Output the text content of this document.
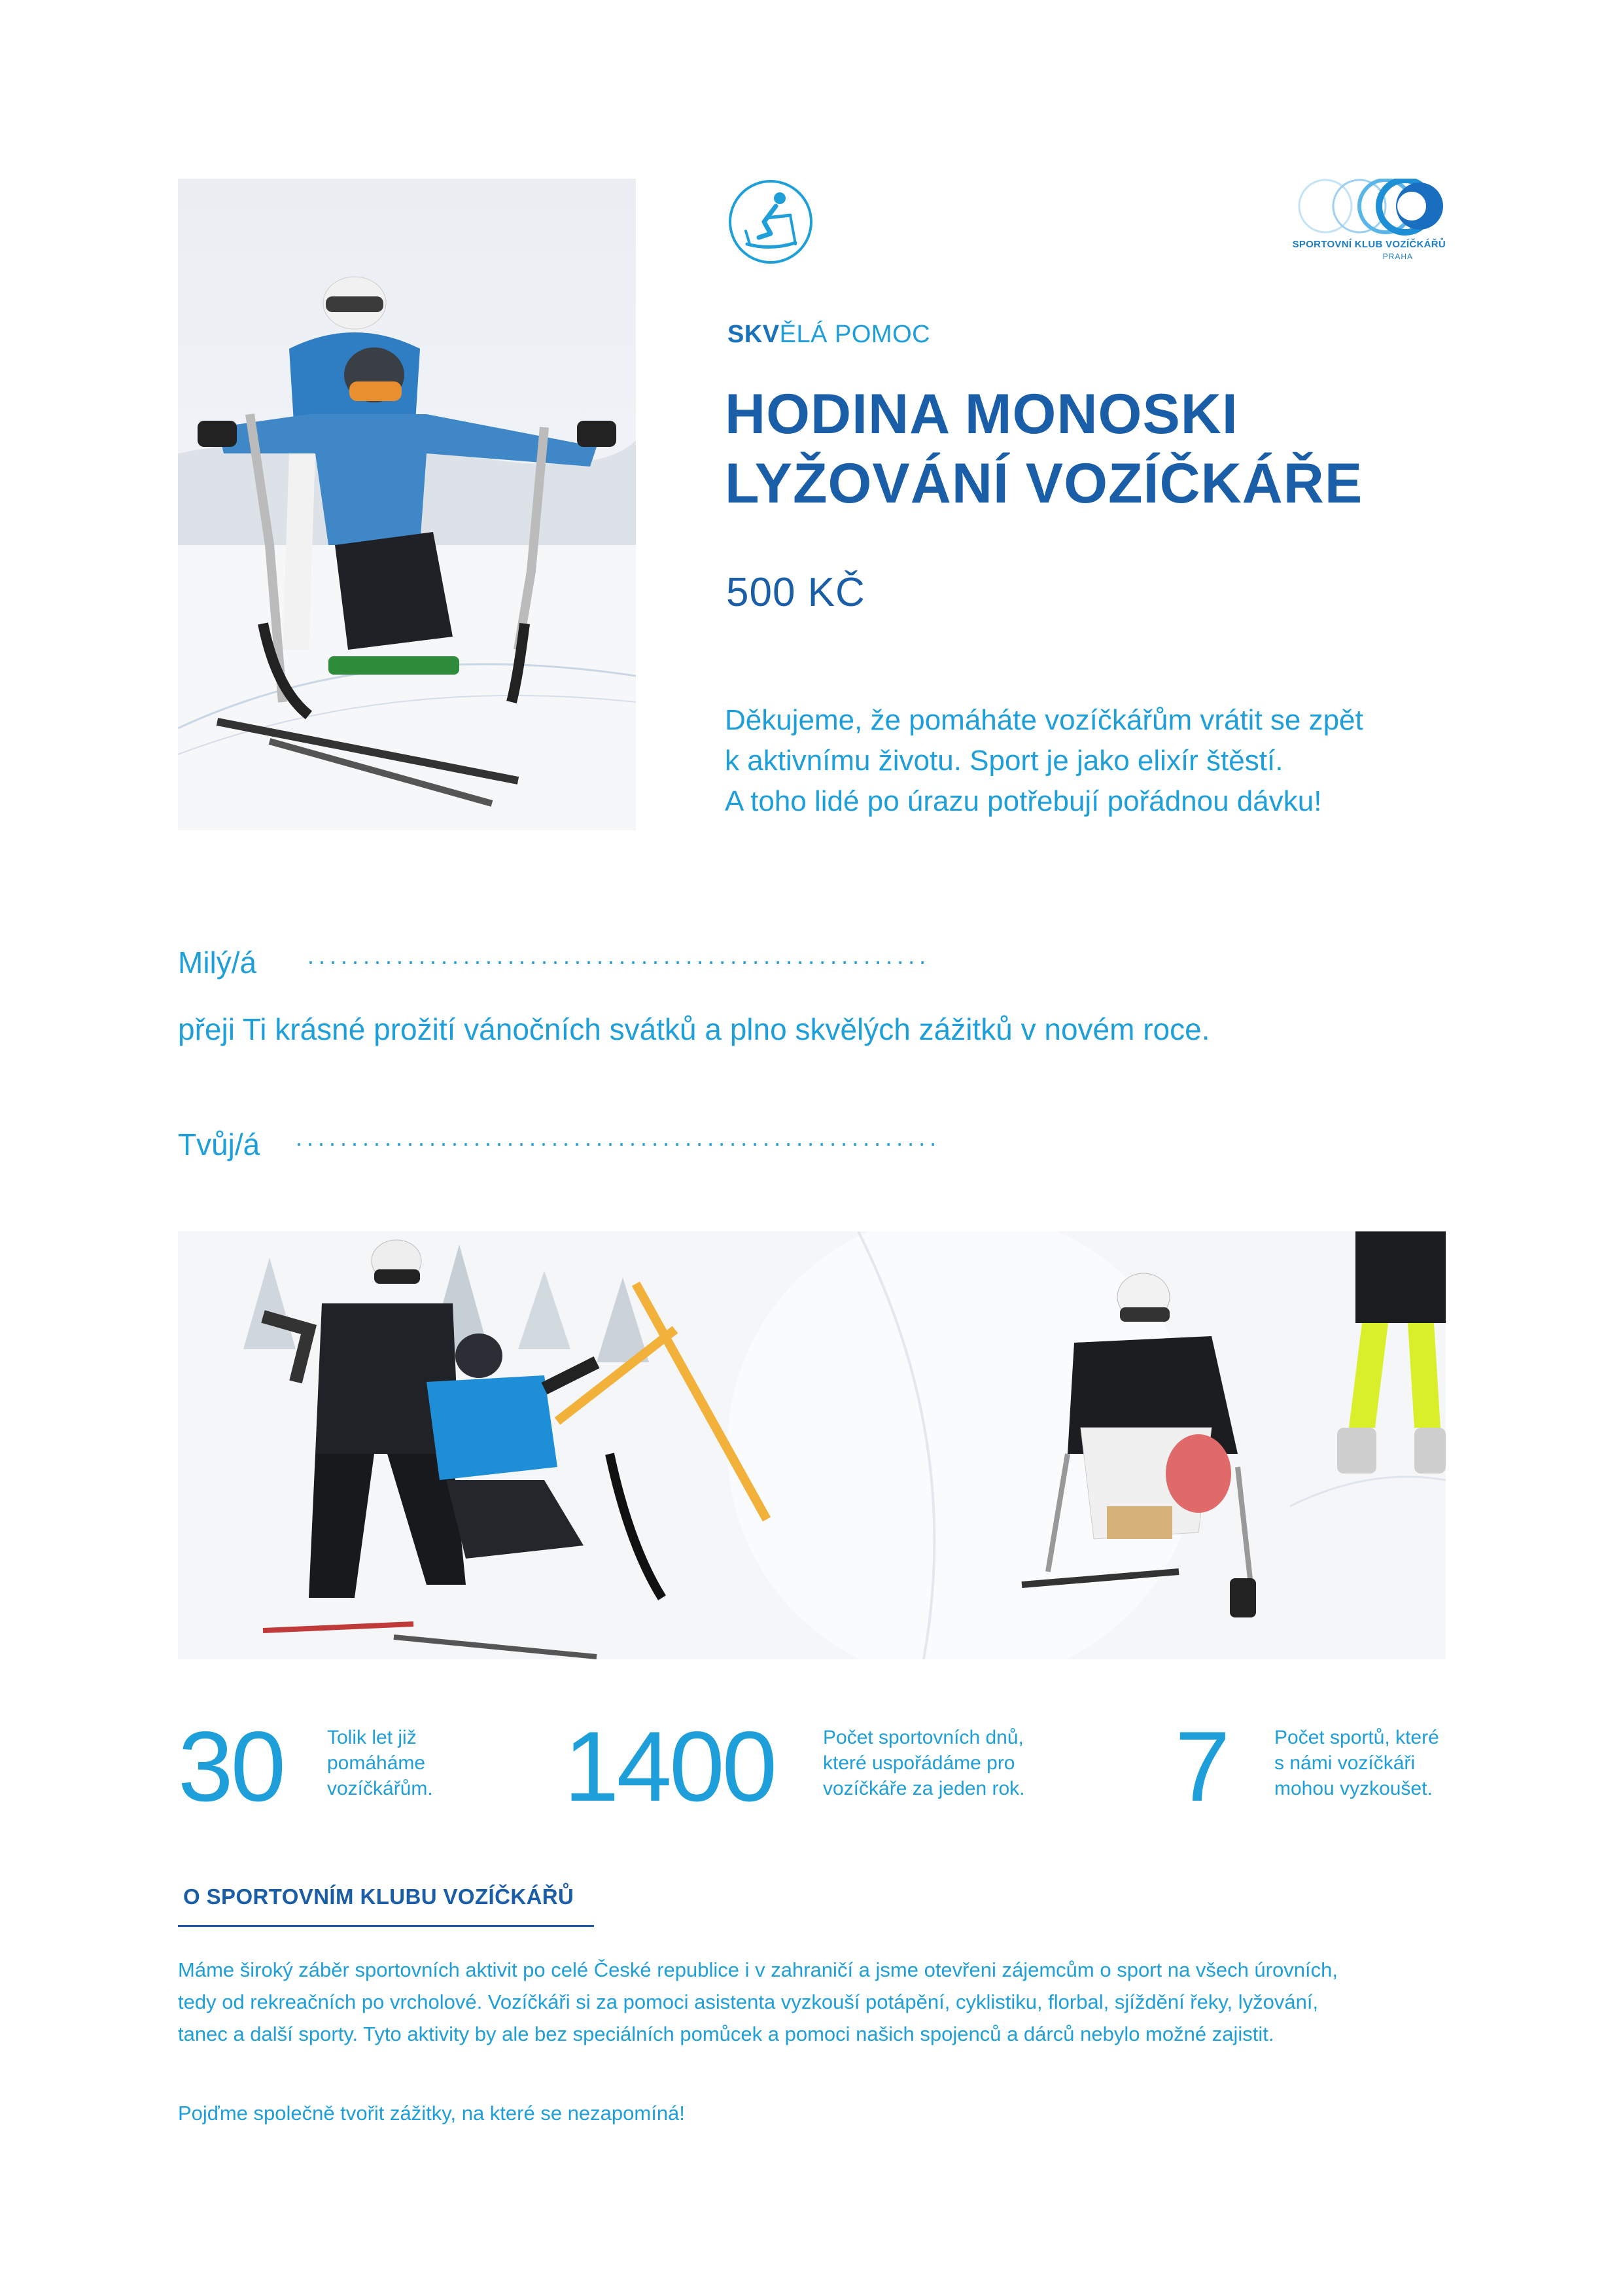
SPORTOVNÍ KLUB VOZÍČKÁŘŮ
PRAHA
SKVĚLÁ POMOC
HODINA MONOSKI
LYŽOVÁNÍ VOZÍČKÁŘE
500 KČ
Děkujeme, že pomáháte vozíčkářům vrátit se zpět
k aktivnímu životu. Sport je jako elixír štěstí.
A toho lidé po úrazu potřebují pořádnou dávku!
Milý/á ........................................................
přeji Ti krásné prožití vánočních svátků a plno skvělých zážitků v novém roce.
Tvůj/á ..........................................................
30 Tolik let již
pomáháme
vozíčkářům. 1400 Počet sportovních dnů,
které uspořádáme pro
vozíčkáře za jeden rok. 7 Počet sportů, které
s námi vozíčkáři
mohou vyzkoušet.
O SPORTOVNÍM KLUBU VOZÍČKÁŘŮ
Máme široký záběr sportovních aktivit po celé České republice i v zahraničí a jsme otevřeni zájemcům o sport na všech úrovních,
tedy od rekreačních po vrcholové. Vozíčkáři si za pomoci asistenta vyzkouší potápění, cyklistiku, florbal, sjíždění řeky, lyžování,
tanec a další sporty. Tyto aktivity by ale bez speciálních pomůcek a pomoci našich spojenců a dárců nebylo možné zajistit.
Pojďme společně tvořit zážitky, na které se nezapomíná!
